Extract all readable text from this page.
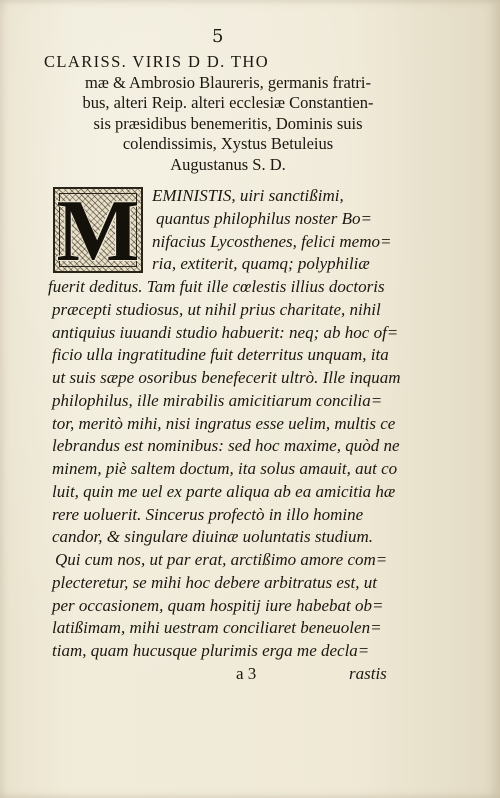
5
CLARISS. VIRIS D D. THO
mæ & Ambrosio Blaureris, germanis fratri-
bus, alteri Reip. alteri ecclesiæ Constantien-
sis præsidibus benemeritis, Dominis suis
colendissimis, Xystus Betuleius
Augustanus S. D.
M EMINISTIS, uiri sanctißimi,
quantus philophilus noster Bo=
nifacius Lycosthenes, felici memo=
ria, extiterit, quamq; polyphiliæ
fuerit deditus. Tam fuit ille cœlestis illius doctoris
præcepti studiosus, ut nihil prius charitate, nihil
antiquius iuuandi studio habuerit: neq; ab hoc of=
ficio ulla ingratitudine fuit deterritus unquam, ita
ut suis sæpe osoribus benefecerit ultrò. Ille inquam
philophilus, ille mirabilis amicitiarum concilia=
tor, meritò mihi, nisi ingratus esse uelim, multis ce
lebrandus est nominibus: sed hoc maxime, quòd ne
minem, piè saltem doctum, ita solus amauit, aut co
luit, quin me uel ex parte aliqua ab ea amicitia hæ
rere uoluerit. Sincerus profectò in illo homine
candor, & singulare diuinæ uoluntatis studium.
Qui cum nos, ut par erat, arctißimo amore com=
plecteretur, se mihi hoc debere arbitratus est, ut
per occasionem, quam hospitij iure habebat ob=
latißimam, mihi uestram conciliaret beneuolen=
tiam, quam hucusque plurimis erga me decla=
a 3	rastis
